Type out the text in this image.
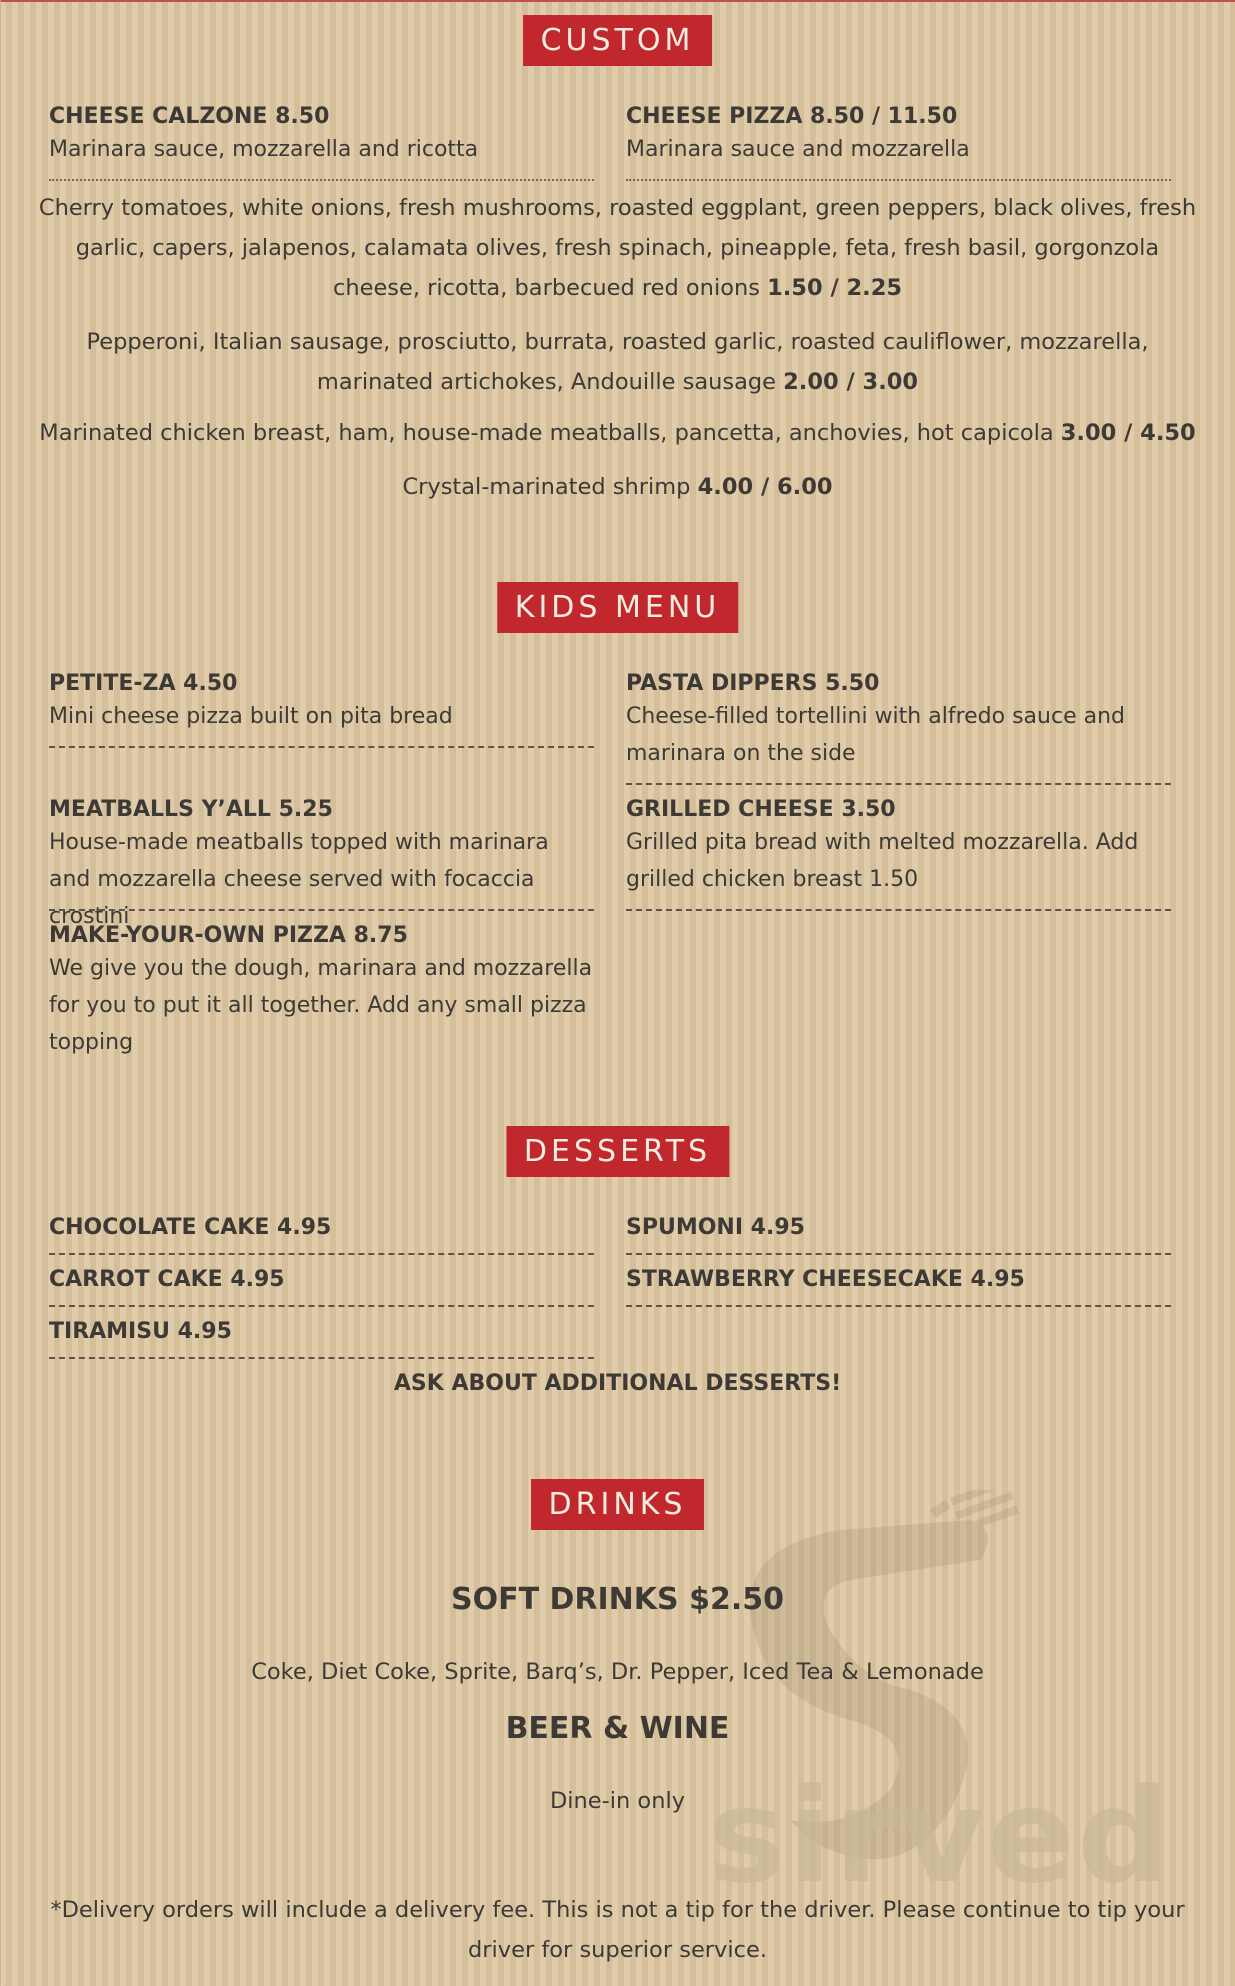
sirved
CUSTOM
CHEESE CALZONE 8.50
Marinara sauce, mozzarella and ricotta
CHEESE PIZZA 8.50 / 11.50
Marinara sauce and mozzarella
Cherry tomatoes, white onions, fresh mushrooms, roasted eggplant, green peppers, black olives, fresh garlic, capers, jalapenos, calamata olives, fresh spinach, pineapple, feta, fresh basil, gorgonzola cheese, ricotta, barbecued red onions 1.50 / 2.25
Pepperoni, Italian sausage, prosciutto, burrata, roasted garlic, roasted cauliflower, mozzarella, marinated artichokes, Andouille sausage 2.00 / 3.00
Marinated chicken breast, ham, house-made meatballs, pancetta, anchovies, hot capicola 3.00 / 4.50
Crystal-marinated shrimp 4.00 / 6.00
KIDS MENU
PETITE-ZA 4.50
Mini cheese pizza built on pita bread
PASTA DIPPERS 5.50
Cheese-filled tortellini with alfredo sauce and marinara on the side
MEATBALLS Y’ALL 5.25
House-made meatballs topped with marinara and mozzarella cheese served with focaccia crostini
GRILLED CHEESE 3.50
Grilled pita bread with melted mozzarella. Add grilled chicken breast 1.50
MAKE-YOUR-OWN PIZZA 8.75
We give you the dough, marinara and mozzarella for you to put it all together. Add any small pizza topping
DESSERTS
CHOCOLATE CAKE 4.95	SPUMONI 4.95
CARROT CAKE 4.95	STRAWBERRY CHEESECAKE 4.95
TIRAMISU 4.95
ASK ABOUT ADDITIONAL DESSERTS!
DRINKS
SOFT DRINKS $2.50
Coke, Diet Coke, Sprite, Barq’s, Dr. Pepper, Iced Tea & Lemonade
BEER & WINE
Dine-in only
*Delivery orders will include a delivery fee. This is not a tip for the driver. Please continue to tip your driver for superior service.
